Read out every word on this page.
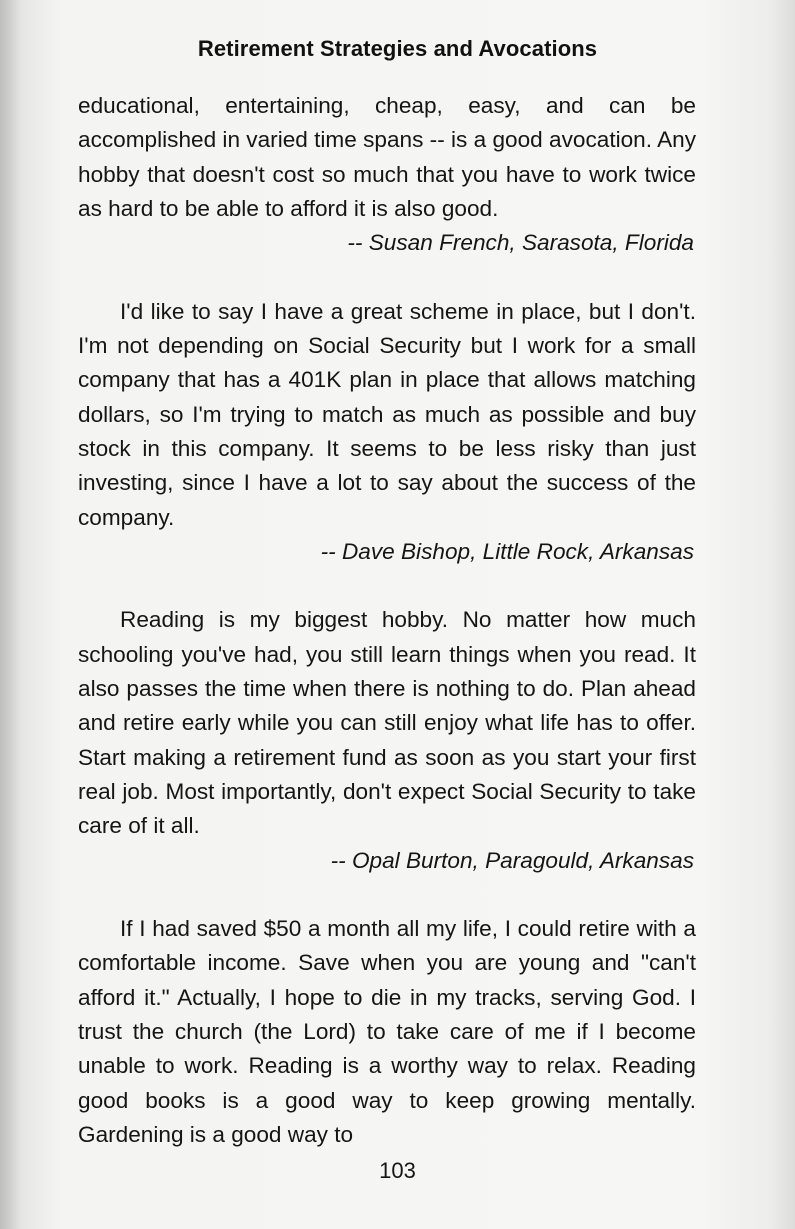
Retirement Strategies and Avocations

educational, entertaining, cheap, easy, and can be accomplished in varied time spans -- is a good avocation. Any hobby that doesn't cost so much that you have to work twice as hard to be able to afford it is also good.

-- Susan French, Sarasota, Florida

I'd like to say I have a great scheme in place, but I don't. I'm not depending on Social Security but I work for a small company that has a 401K plan in place that allows matching dollars, so I'm trying to match as much as possible and buy stock in this company. It seems to be less risky than just investing, since I have a lot to say about the success of the company.

-- Dave Bishop, Little Rock, Arkansas

Reading is my biggest hobby. No matter how much schooling you've had, you still learn things when you read. It also passes the time when there is nothing to do. Plan ahead and retire early while you can still enjoy what life has to offer. Start making a retirement fund as soon as you start your first real job. Most importantly, don't expect Social Security to take care of it all.

-- Opal Burton, Paragould, Arkansas

If I had saved $50 a month all my life, I could retire with a comfortable income. Save when you are young and "can't afford it." Actually, I hope to die in my tracks, serving God. I trust the church (the Lord) to take care of me if I become unable to work. Reading is a worthy way to relax. Reading good books is a good way to keep growing mentally. Gardening is a good way to

103
